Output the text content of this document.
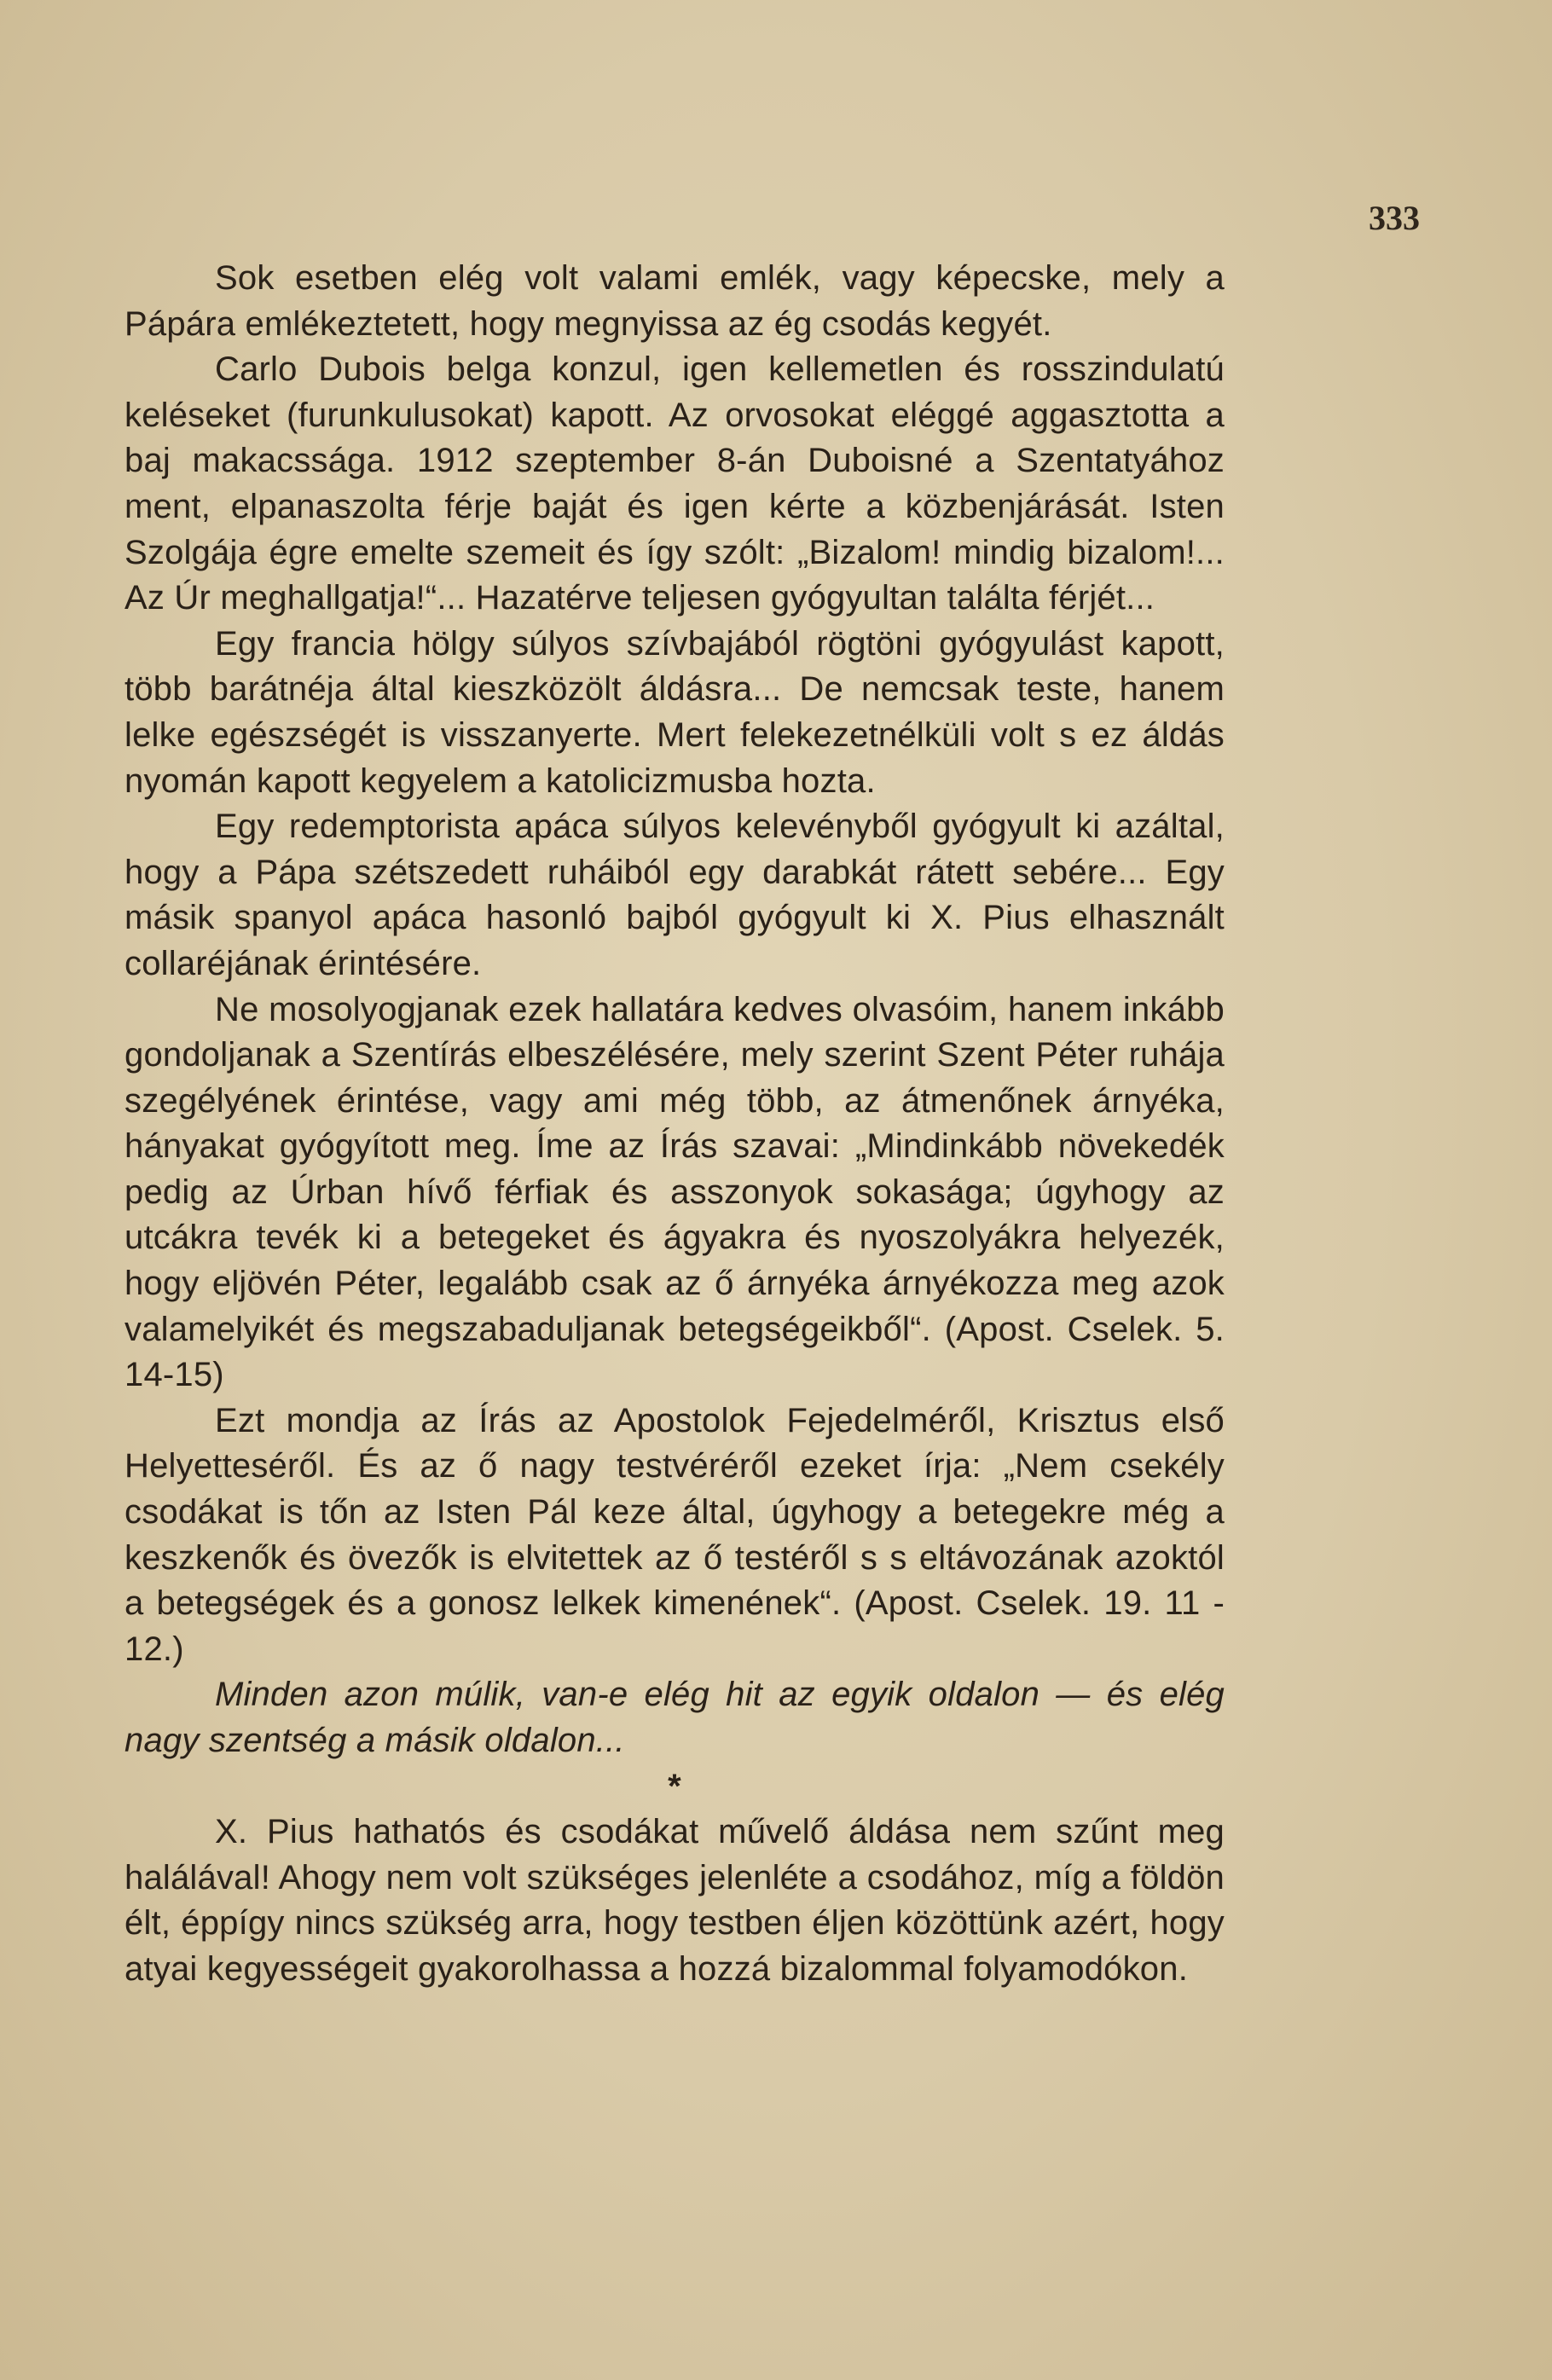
333

Sok esetben elég volt valami emlék, vagy képecske, mely a Pápára emlékeztetett, hogy megnyissa az ég csodás kegyét.

Carlo Dubois belga konzul, igen kellemetlen és rosszindulatú keléseket (furunkulusokat) kapott. Az orvosokat eléggé aggasztotta a baj makacssága. 1912 szeptember 8-án Duboisné a Szentatyához ment, elpanaszolta férje baját és igen kérte a közbenjárását. Isten Szolgája égre emelte szemeit és így szólt: „Bizalom! mindig bizalom!... Az Úr meghallgatja!“... Hazatérve teljesen gyógyultan találta férjét...

Egy francia hölgy súlyos szívbajából rögtöni gyógyulást kapott, több barátnéja által kieszközölt áldásra... De nemcsak teste, hanem lelke egészségét is visszanyerte. Mert felekezetnélküli volt s ez áldás nyomán kapott kegyelem a katolicizmusba hozta.

Egy redemptorista apáca súlyos kelevényből gyógyult ki azáltal, hogy a Pápa szétszedett ruháiból egy darabkát rátett sebére... Egy másik spanyol apáca hasonló bajból gyógyult ki X. Pius elhasznált collaréjának érintésére.

Ne mosolyogjanak ezek hallatára kedves olvasóim, hanem inkább gondoljanak a Szentírás elbeszélésére, mely szerint Szent Péter ruhája szegélyének érintése, vagy ami még több, az átmenőnek árnyéka, hányakat gyógyított meg. Íme az Írás szavai: „Mindinkább növekedék pedig az Úrban hívő férfiak és asszonyok sokasága; úgyhogy az utcákra tevék ki a betegeket és ágyakra és nyoszolyákra helyezék, hogy eljövén Péter, legalább csak az ő árnyéka árnyékozza meg azok valamelyikét és megszabaduljanak betegségeikből“. (Apost. Cselek. 5. 14-15)

Ezt mondja az Írás az Apostolok Fejedelméről, Krisztus első Helyetteséről. És az ő nagy testvéréről ezeket írja: „Nem csekély csodákat is tőn az Isten Pál keze által, úgyhogy a betegekre még a keszkenők és övezők is elvitettek az ő testéről s s eltávozának azoktól a betegségek és a gonosz lelkek kimenének“. (Apost. Cselek. 19. 11 - 12.)

Minden azon múlik, van-e elég hit az egyik oldalon — és elég nagy szentség a másik oldalon...

*

X. Pius hathatós és csodákat művelő áldása nem szűnt meg halálával! Ahogy nem volt szükséges jelenléte a csodához, míg a földön élt, éppígy nincs szükség arra, hogy testben éljen közöttünk azért, hogy atyai kegyességeit gyakorolhassa a hozzá bizalommal folyamodókon.
